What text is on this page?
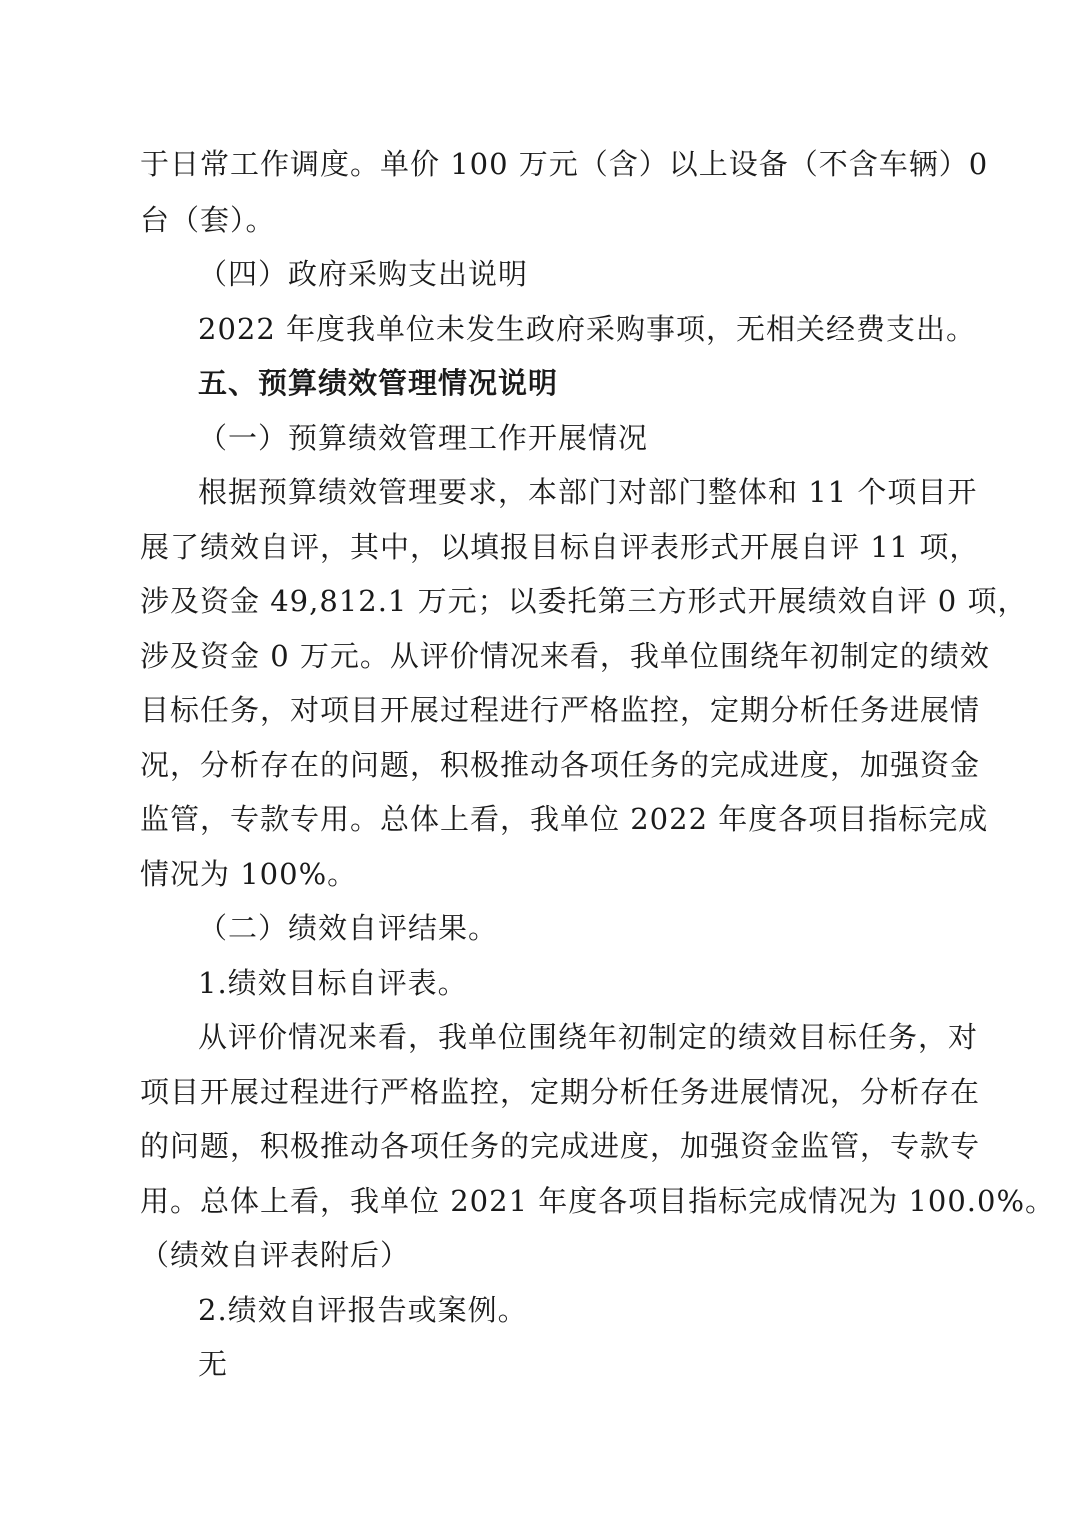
于日常工作调度。单价 100 万元（含）以上设备（不含车辆）0
台（套）。
（四）政府采购支出说明
2022 年度我单位未发生政府采购事项，无相关经费支出。
五、预算绩效管理情况说明
（一）预算绩效管理工作开展情况
根据预算绩效管理要求，本部门对部门整体和 11 个项目开
展了绩效自评，其中，以填报目标自评表形式开展自评 11 项，
涉及资金 49,812.1 万元；以委托第三方形式开展绩效自评 0 项，
涉及资金 0 万元。从评价情况来看，我单位围绕年初制定的绩效
目标任务，对项目开展过程进行严格监控，定期分析任务进展情
况，分析存在的问题，积极推动各项任务的完成进度，加强资金
监管，专款专用。总体上看，我单位 2022 年度各项目指标完成
情况为 100%。
（二）绩效自评结果。
1.绩效目标自评表。
从评价情况来看，我单位围绕年初制定的绩效目标任务，对
项目开展过程进行严格监控，定期分析任务进展情况，分析存在
的问题，积极推动各项任务的完成进度，加强资金监管，专款专
用。总体上看，我单位 2021 年度各项目指标完成情况为 100.0%。
（绩效自评表附后）
2.绩效自评报告或案例。
无
